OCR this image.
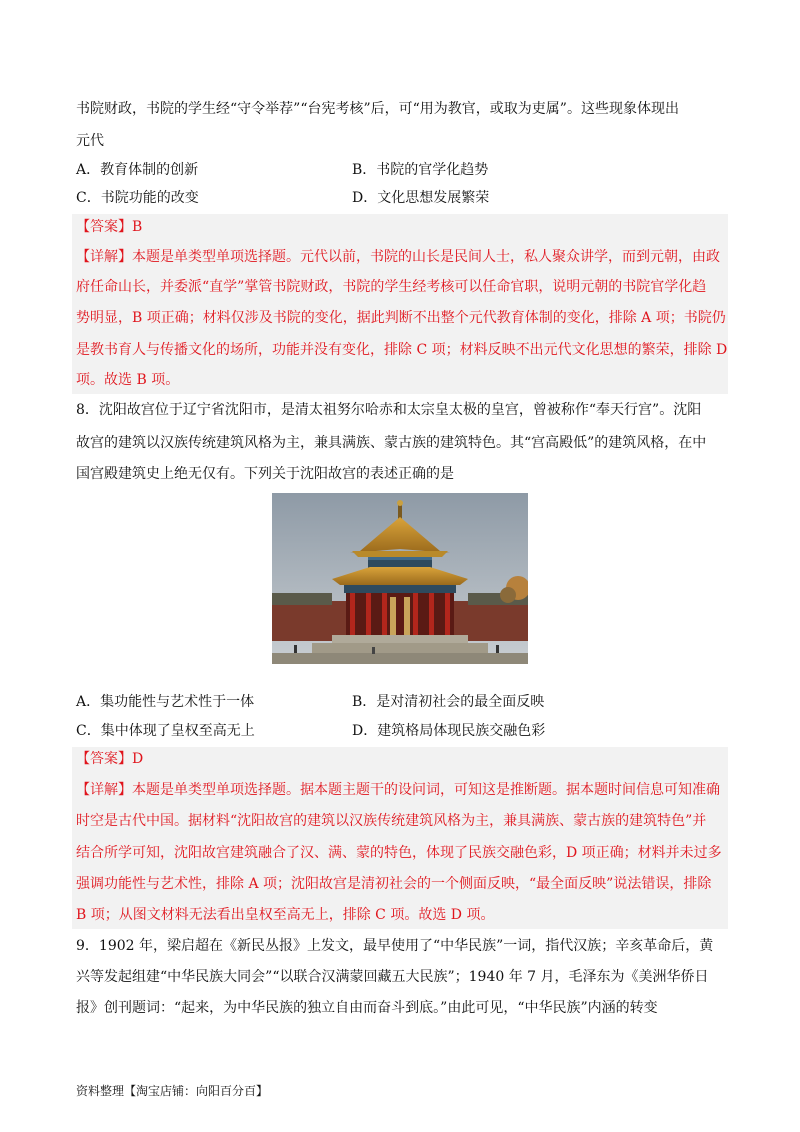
书院财政，书院的学生经“守令举荐”“台宪考核”后，可“用为教官，或取为吏属”。这些现象体现出
元代
A．教育体制的创新	B．书院的官学化趋势
C．书院功能的改变	D．文化思想发展繁荣
【答案】B
【详解】本题是单类型单项选择题。元代以前，书院的山长是民间人士，私人聚众讲学，而到元朝，由政
府任命山长，并委派“直学”掌管书院财政，书院的学生经考核可以任命官职，说明元朝的书院官学化趋
势明显，B 项正确；材料仅涉及书院的变化，据此判断不出整个元代教育体制的变化，排除 A 项；书院仍
是教书育人与传播文化的场所，功能并没有变化，排除 C 项；材料反映不出元代文化思想的繁荣，排除 D
项。故选 B 项。
8．沈阳故宫位于辽宁省沈阳市，是清太祖努尔哈赤和太宗皇太极的皇宫，曾被称作“奉天行宫”。沈阳
故宫的建筑以汉族传统建筑风格为主，兼具满族、蒙古族的建筑特色。其“宫高殿低”的建筑风格，在中
国宫殿建筑史上绝无仅有。下列关于沈阳故宫的表述正确的是
A．集功能性与艺术性于一体	B．是对清初社会的最全面反映
C．集中体现了皇权至高无上	D．建筑格局体现民族交融色彩
【答案】D
【详解】本题是单类型单项选择题。据本题主题干的设问词，可知这是推断题。据本题时间信息可知准确
时空是古代中国。据材料“沈阳故宫的建筑以汉族传统建筑风格为主，兼具满族、蒙古族的建筑特色”并
结合所学可知，沈阳故宫建筑融合了汉、满、蒙的特色，体现了民族交融色彩，D 项正确；材料并未过多
强调功能性与艺术性，排除 A 项；沈阳故宫是清初社会的一个侧面反映，“最全面反映”说法错误，排除
B 项；从图文材料无法看出皇权至高无上，排除 C 项。故选 D 项。
9．1902 年，梁启超在《新民丛报》上发文，最早使用了“中华民族”一词，指代汉族；辛亥革命后，黄
兴等发起组建“中华民族大同会”“以联合汉满蒙回藏五大民族”；1940 年 7 月，毛泽东为《美洲华侨日
报》创刊题词：“起来，为中华民族的独立自由而奋斗到底。”由此可见，“中华民族”内涵的转变
资料整理【淘宝店铺：向阳百分百】
